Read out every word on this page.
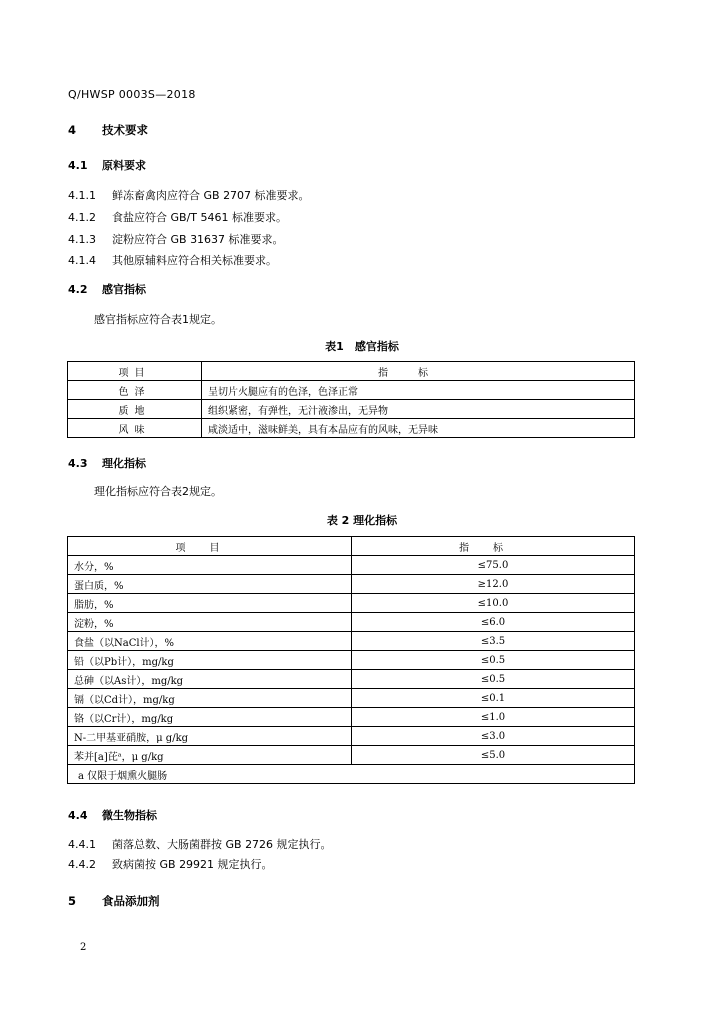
Q/HWSP 0003S—2018
4 技术要求
4.1 原料要求
4.1.1 鲜冻畜禽肉应符合 GB 2707 标准要求。
4.1.2 食盐应符合 GB/T 5461 标准要求。
4.1.3 淀粉应符合 GB 31637 标准要求。
4.1.4 其他原辅料应符合相关标准要求。
4.2 感官指标
感官指标应符合表1规定。
表1　感官指标
项目	指标
色泽	呈切片火腿应有的色泽，色泽正常
质地	组织紧密，有弹性，无汁液渗出，无异物
风味	咸淡适中，滋味鲜美，具有本品应有的风味，无异味
4.3 理化指标
理化指标应符合表2规定。
表 2 理化指标
项目	指标
水分，%	≤75.0
蛋白质，%	≥12.0
脂肪，%	≤10.0
淀粉，%	≤6.0
食盐（以NaCl计），%	≤3.5
铅（以Pb计），mg/kg	≤0.5
总砷（以As计），mg/kg	≤0.5
镉（以Cd计），mg/kg	≤0.1
铬（以Cr计），mg/kg	≤1.0
N-二甲基亚硝胺，μ g/kg	≤3.0
苯并[a]芘ᵃ，μ g/kg	≤5.0
a 仅限于烟熏火腿肠	
4.4 微生物指标
4.4.1 菌落总数、大肠菌群按 GB 2726 规定执行。
4.4.2 致病菌按 GB 29921 规定执行。
5 食品添加剂
2
